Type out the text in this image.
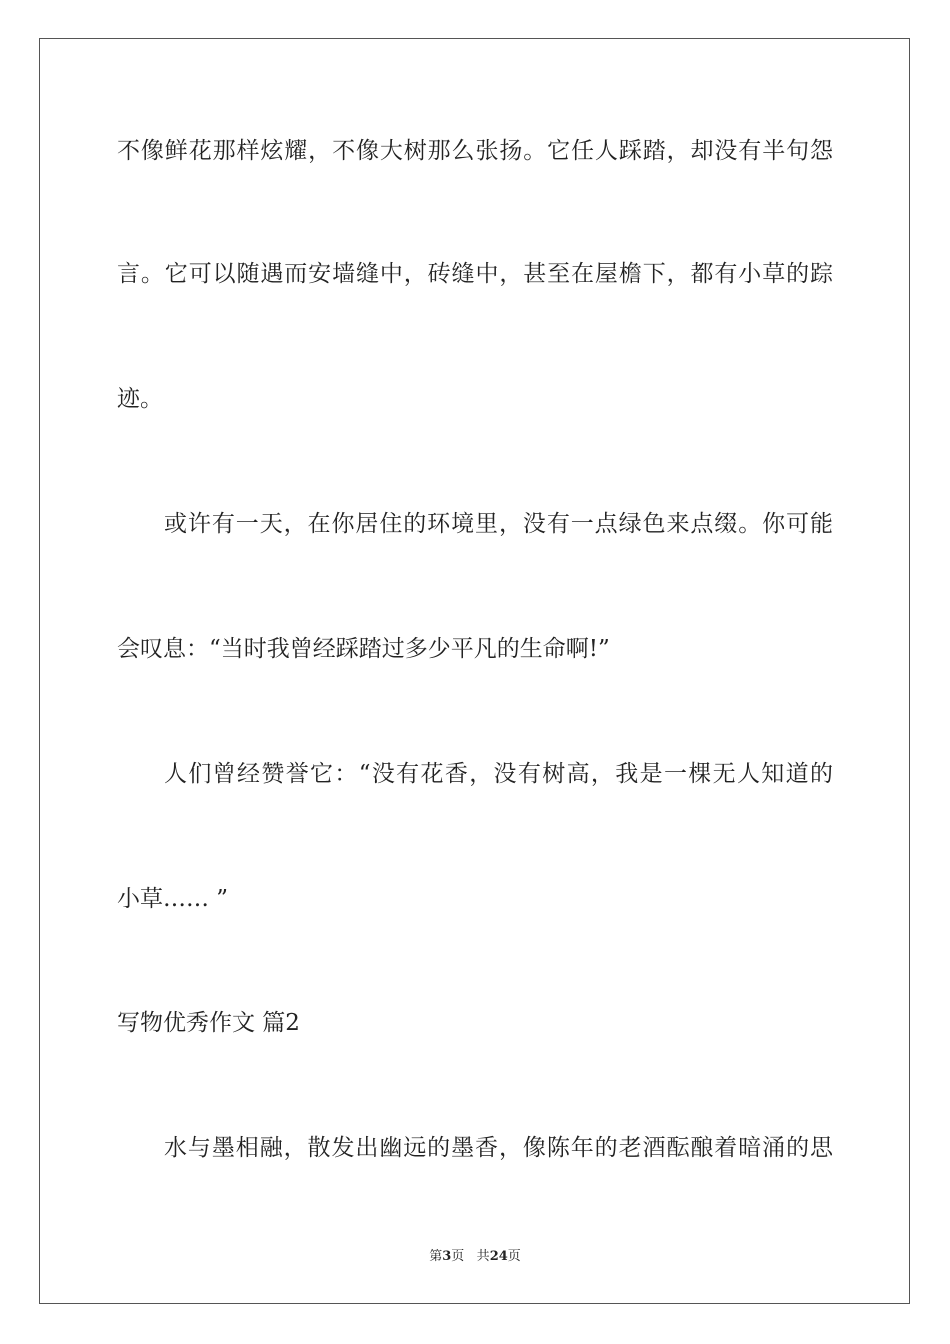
不像鲜花那样炫耀，不像大树那么张扬。它任人踩踏，却没有半句怨

言。它可以随遇而安墙缝中，砖缝中，甚至在屋檐下，都有小草的踪

迹。

或许有一天，在你居住的环境里，没有一点绿色来点缀。你可能

会叹息：“当时我曾经踩踏过多少平凡的生命啊!”

人们曾经赞誉它：“没有花香，没有树高，我是一棵无人知道的

小草…… ”

写物优秀作文 篇2

水与墨相融，散发出幽远的墨香，像陈年的老酒酝酿着暗涌的思

第3页 共24页
